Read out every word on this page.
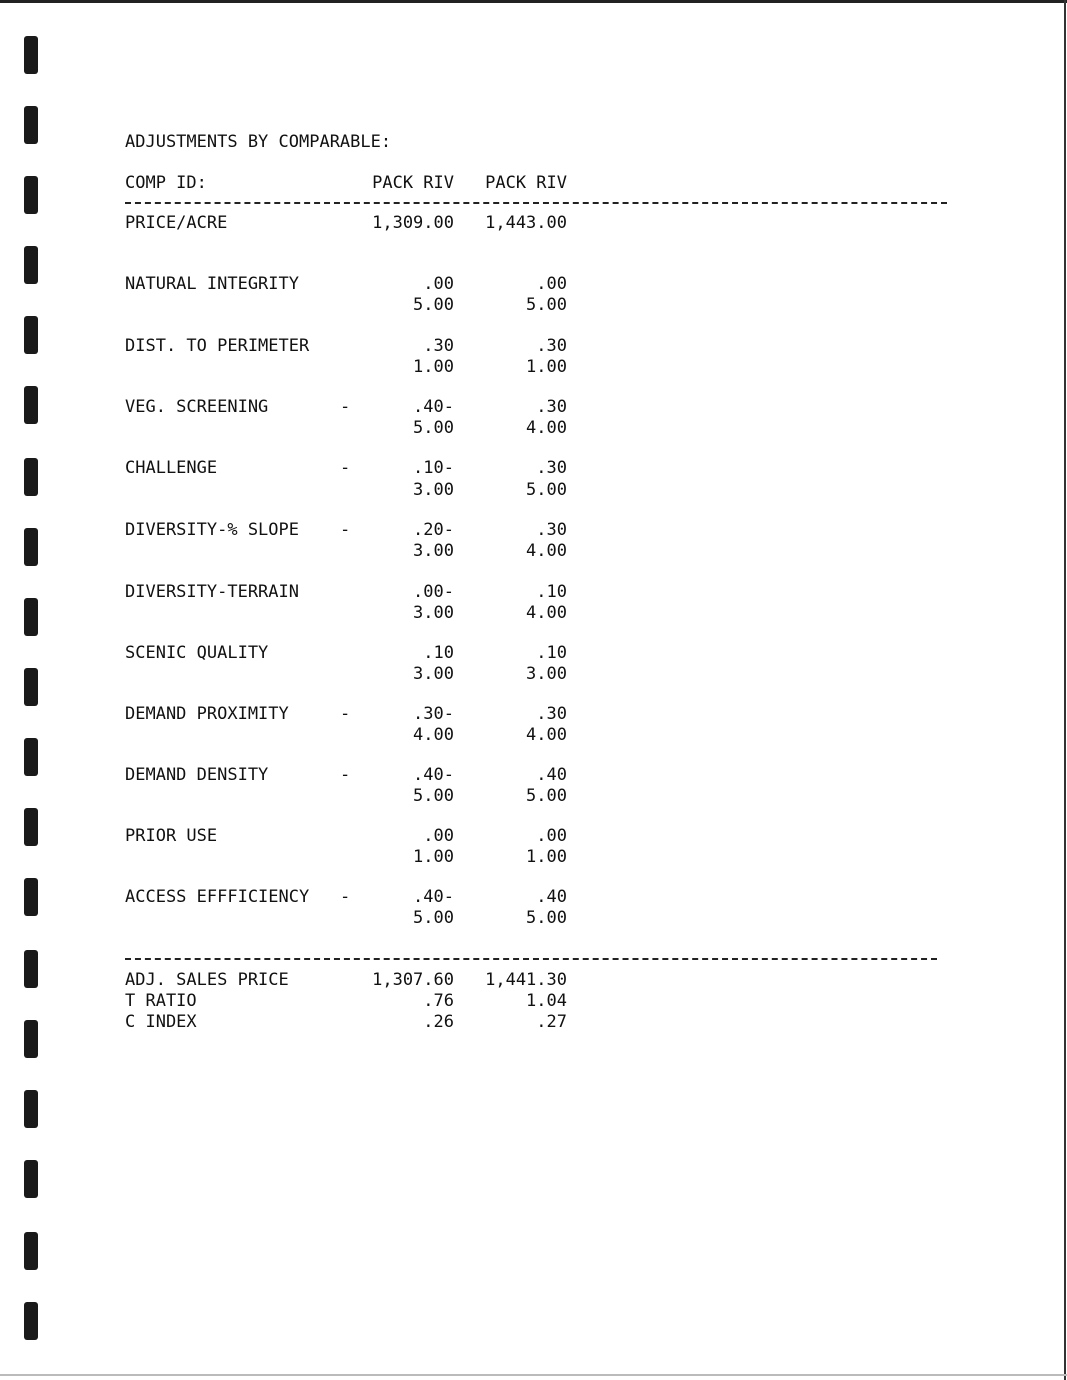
ADJUSTMENTS BY COMPARABLE:
COMP ID:	PACK RIV	PACK RIV
PRICE/ACRE	1,309.00	1,443.00
NATURAL INTEGRITY	.00	.00
5.00	5.00
DIST. TO PERIMETER	.30	.30
1.00	1.00
VEG. SCREENING	-	.40-	.30
5.00	4.00
CHALLENGE	-	.10-	.30
3.00	5.00
DIVERSITY-% SLOPE -	.20-	.30
3.00	4.00
DIVERSITY-TERRAIN	.00-	.10
3.00	4.00
SCENIC QUALITY	.10	.10
3.00	3.00
DEMAND PROXIMITY	-	.30-	.30
4.00	4.00
DEMAND DENSITY	-	.40-	.40
5.00	5.00
PRIOR USE	.00	.00
1.00	1.00
ACCESS EFFFICIENCY -	.40-	.40
5.00	5.00
ADJ. SALES PRICE	1,307.60	1,441.30
T RATIO	.76	1.04
C INDEX	.26	.27
